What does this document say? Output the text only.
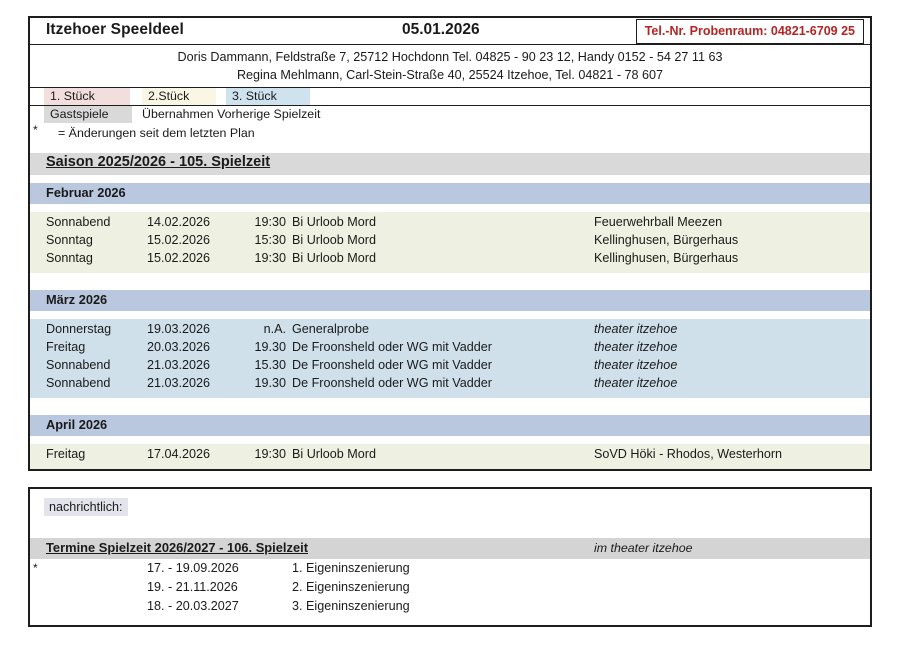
Itzehoer Speeldeel	05.01.2026	Tel.-Nr. Probenraum: 04821-6709 25
Doris Dammann, Feldstraße 7, 25712 Hochdonn Tel. 04825 - 90 23 12, Handy 0152 - 54 27 11 63
Regina Mehlmann, Carl-Stein-Straße 40, 25524 Itzehoe, Tel. 04821 - 78 607
1. Stück	2.Stück	3. Stück
Gastspiele	Übernahmen Vorherige Spielzeit
* = Änderungen seit dem letzten Plan
Saison 2025/2026 - 105. Spielzeit
Februar 2026
Sonnabend	14.02.2026	19:30 Bi Urloob Mord	Feuerwehrball Meezen
Sonntag	15.02.2026	15:30 Bi Urloob Mord	Kellinghusen, Bürgerhaus
Sonntag	15.02.2026	19:30 Bi Urloob Mord	Kellinghusen, Bürgerhaus
März 2026
Donnerstag	19.03.2026	n.A. Generalprobe	theater itzehoe
Freitag	20.03.2026	19.30 De Froonsheld oder WG mit Vadder	theater itzehoe
Sonnabend	21.03.2026	15.30 De Froonsheld oder WG mit Vadder	theater itzehoe
Sonnabend	21.03.2026	19.30 De Froonsheld oder WG mit Vadder	theater itzehoe
April 2026
Freitag	17.04.2026	19:30 Bi Urloob Mord	SoVD Höki - Rhodos, Westerhorn
nachrichtlich:
Termine Spielzeit 2026/2027 - 106. Spielzeit	im theater itzehoe
*	17. - 19.09.2026	1. Eigeninszenierung
19. - 21.11.2026	2. Eigeninszenierung
18. - 20.03.2027	3. Eigeninszenierung
